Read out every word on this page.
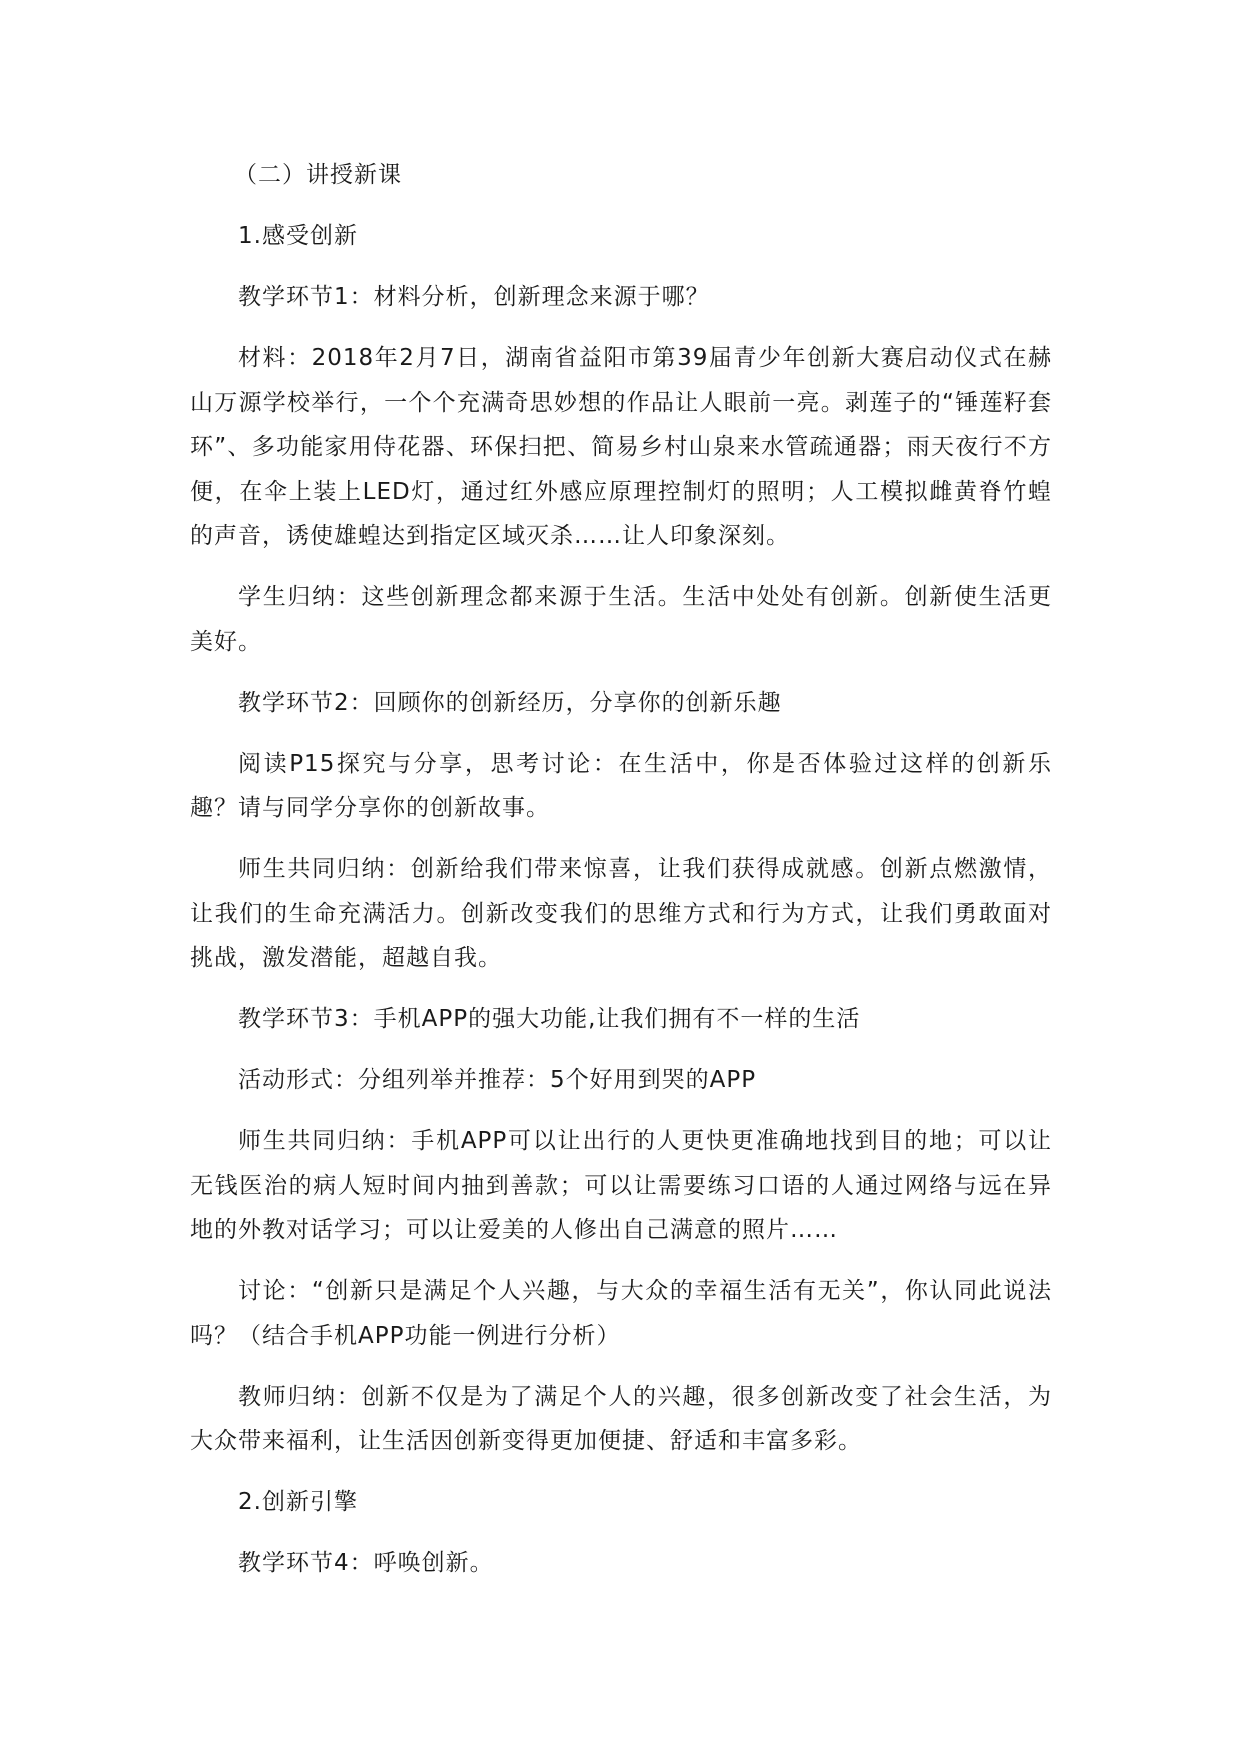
（二）讲授新课

1.感受创新

教学环节1：材料分析，创新理念来源于哪？

材料：2018年2月7日，湖南省益阳市第39届青少年创新大赛启动仪式在赫山万源学校举行，一个个充满奇思妙想的作品让人眼前一亮。剥莲子的“锤莲籽套环”、多功能家用侍花器、环保扫把、简易乡村山泉来水管疏通器；雨天夜行不方便，在伞上装上LED灯，通过红外感应原理控制灯的照明；人工模拟雌黄脊竹蝗的声音，诱使雄蝗达到指定区域灭杀……让人印象深刻。

学生归纳：这些创新理念都来源于生活。生活中处处有创新。创新使生活更美好。

教学环节2：回顾你的创新经历，分享你的创新乐趣

阅读P15探究与分享，思考讨论：在生活中，你是否体验过这样的创新乐趣？请与同学分享你的创新故事。

师生共同归纳：创新给我们带来惊喜，让我们获得成就感。创新点燃激情，让我们的生命充满活力。创新改变我们的思维方式和行为方式，让我们勇敢面对挑战，激发潜能，超越自我。

教学环节3：手机APP的强大功能,让我们拥有不一样的生活

活动形式：分组列举并推荐：5个好用到哭的APP

师生共同归纳：手机APP可以让出行的人更快更准确地找到目的地；可以让无钱医治的病人短时间内抽到善款；可以让需要练习口语的人通过网络与远在异地的外教对话学习；可以让爱美的人修出自己满意的照片……

讨论：“创新只是满足个人兴趣，与大众的幸福生活有无关”，你认同此说法吗？（结合手机APP功能一例进行分析）

教师归纳：创新不仅是为了满足个人的兴趣，很多创新改变了社会生活，为大众带来福利，让生活因创新变得更加便捷、舒适和丰富多彩。

2.创新引擎

教学环节4：呼唤创新。
